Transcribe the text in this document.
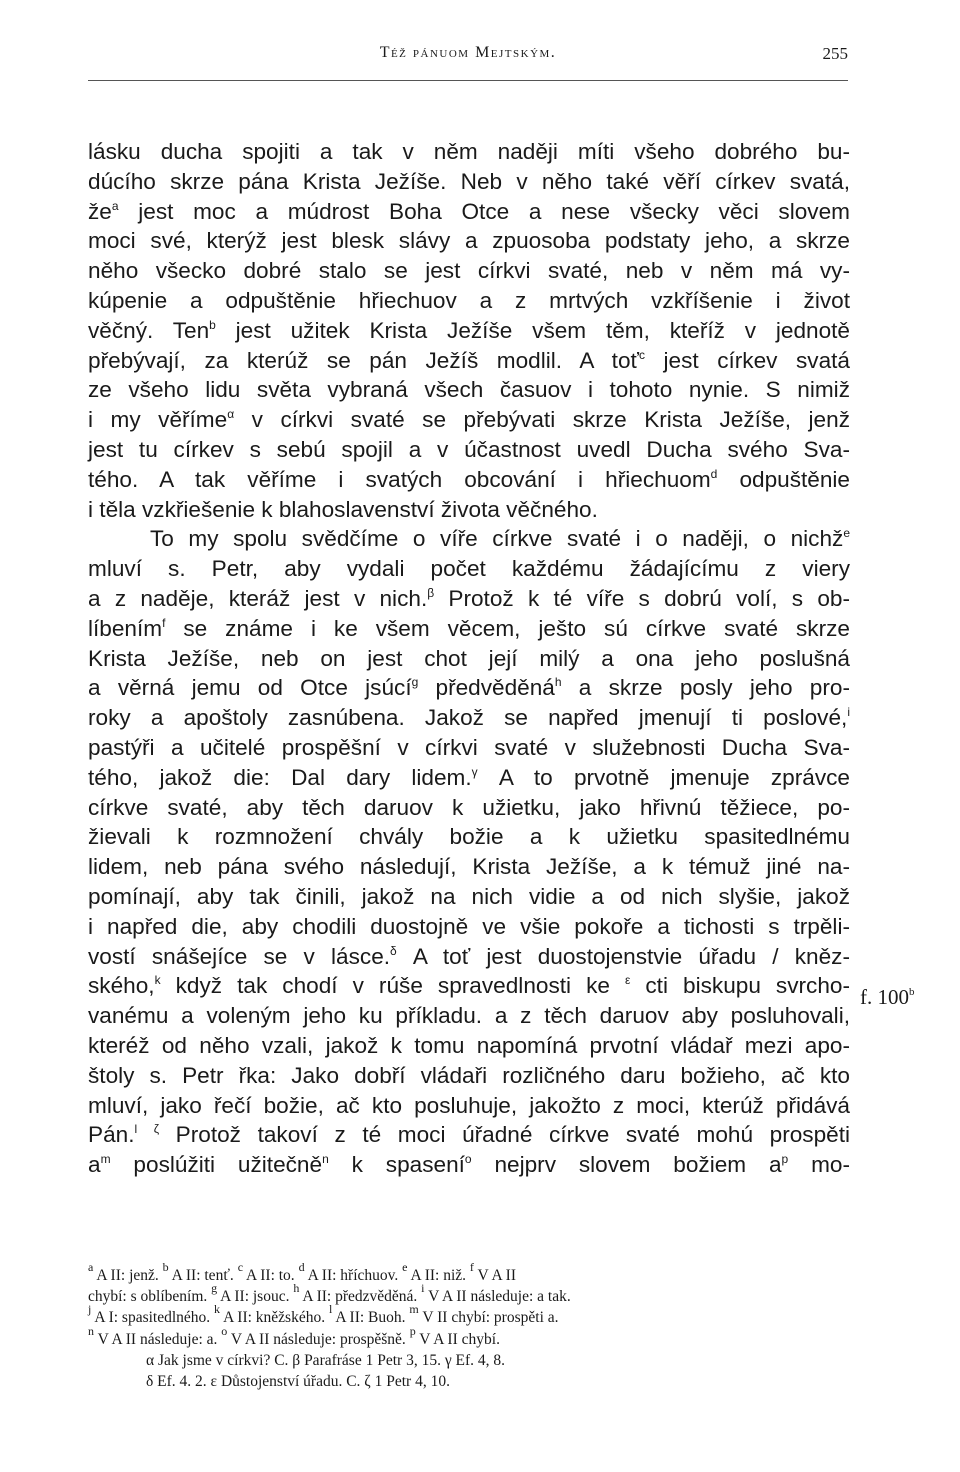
Též pánuom Mejtským.	255
lásku ducha spojiti a tak v něm naději míti všeho dobrého bu-
dúcího skrze pána Krista Ježíše. Neb v něho také věří církev svatá,
$že^a$ jest moc a múdrost Boha Otce a nese všecky věci slovem
moci své, kterýž jest blesk slávy a zpuosoba podstaty jeho, a skrze
něho všecko dobré stalo se jest církvi svaté, neb v něm má vy-
kúpenie a odpuštěnie hřiechuov a z mrtvých vzkříšenie i život
věčný. Ten$^b$ jest užitek Krista Ježíše všem těm, kteříž v jednotě
přebývají, za kterúž se pán Ježíš modlil. A toť$^c$ jest církev svatá
ze všeho lidu světa vybraná všech časuov i tohoto nynie. S nimiž
i my věříme$^\alpha$ v církvi svaté se přebývati skrze Krista Ježíše, jenž
jest tu církev s sebú spojil a v účastnost uvedl Ducha svého Sva-
tého. A tak věříme i svatých obcování i hřiechuom$^d$ odpuštěnie
i těla vzkřiešenie k blahoslavenství života věčného.
To my spolu svědčíme o víře církve svaté i o naději, o nichž$^e$
mluví s. Petr, aby vydali počet každému žádajícímu z viery
a z naděje, kteráž jest v nich.$^\beta$ Protož k té víře s dobrú volí, s ob-
líbením$^f$ se známe i ke všem věcem, ješto sú církve svaté skrze
Krista Ježíše, neb on jest chot její milý a ona jeho poslušná
a věrná jemu od Otce jsúcí$^g$ předvěděná$^h$ a skrze posly jeho pro-
roky a apoštoly zasnúbena. Jakož se napřed jmenují ti poslové,$^i$
pastýři a učitelé prospěšní v církvi svaté v služebnosti Ducha Sva-
tého, jakož die: Dal dary lidem.$^\gamma$ A to prvotně jmenuje zprávce
církve svaté, aby těch daruov k užietku, jako hřivnú těžiece, po-
žievali k rozmnožení chvály božie a k užietku spasitedlnému
lidem, neb pána svého následují, Krista Ježíše, a k témuž jiné na-
pomínají, aby tak činili, jakož na nich vidie a od nich slyšie, jakož
i napřed die, aby chodili duostojně ve všie pokoře a tichosti s trpěli-
vostí snášejíce se v lásce.$^\delta$ A toť jest duostojenstvie úřadu / kněz-
ského,$^k$ když tak chodí v rúše spravedlnosti ke $^\varepsilon$ cti biskupu svrcho-
vanému a voleným jeho ku příkladu. a z těch daruov aby posluhovali,
kteréž od něho vzali, jakož k tomu napomíná prvotní vládař mezi apo-
štoly s. Petr řka: Jako dobří vládaři rozličného daru božieho, ač kto
mluví, jako řečí božie, ač kto posluhuje, jakožto z moci, kterúž přidává
Pán.$^l$ $^\zeta$ Protož takoví z té moci úřadné církve svaté mohú prospěti
$a^m$ poslúžiti užitečně$^n$ k spasení$^o$ nejprv slovem božiem $a^p$ mo-
f. 100$^b$
$^a$ A II: jenž. $^b$ A II: tenť. $^c$ A II: to. $^d$ A II: hříchuov. $^e$ A II: niž. $^f$ V A II
chybí: s oblíbením. $^g$ A II: jsouc. $^h$ A II: předzvěděná. $^i$ V A II následuje: a tak.
$^j$ A I: spasitedlného. $^k$ A II: kněžského. $^l$ A II: Buoh. $^m$ V II chybí: prospěti a.
$^n$ V A II následuje: a. $^o$ V A II následuje: prospěšně. $^p$ V A II chybí.
α Jak jsme v církvi? C. β Parafráse 1 Petr 3, 15. γ Ef. 4, 8.
δ Ef. 4. 2. ε Důstojenství úřadu. C. ζ 1 Petr 4, 10.
